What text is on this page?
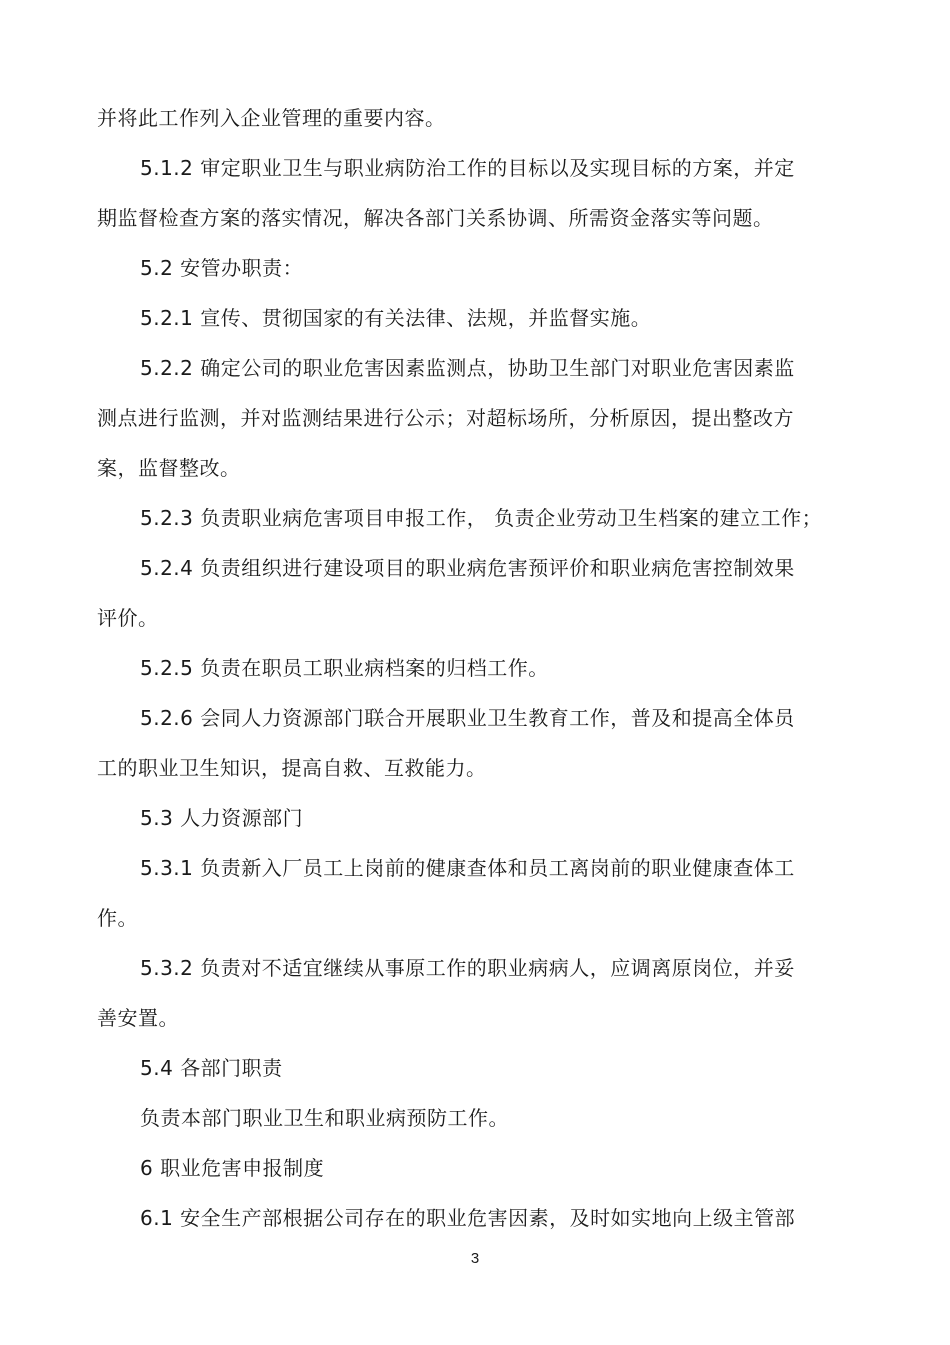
并将此工作列入企业管理的重要内容。
5.1.2 审定职业卫生与职业病防治工作的目标以及实现目标的方案，并定
期监督检查方案的落实情况，解决各部门关系协调、所需资金落实等问题。
5.2 安管办职责：
5.2.1 宣传、贯彻国家的有关法律、法规，并监督实施。
5.2.2 确定公司的职业危害因素监测点，协助卫生部门对职业危害因素监
测点进行监测，并对监测结果进行公示；对超标场所，分析原因，提出整改方
案，监督整改。
5.2.3 负责职业病危害项目申报工作， 负责企业劳动卫生档案的建立工作；
5.2.4 负责组织进行建设项目的职业病危害预评价和职业病危害控制效果
评价。
5.2.5 负责在职员工职业病档案的归档工作。
5.2.6 会同人力资源部门联合开展职业卫生教育工作，普及和提高全体员
工的职业卫生知识，提高自救、互救能力。
5.3 人力资源部门
5.3.1 负责新入厂员工上岗前的健康查体和员工离岗前的职业健康查体工
作。
5.3.2 负责对不适宜继续从事原工作的职业病病人，应调离原岗位，并妥
善安置。
5.4 各部门职责
负责本部门职业卫生和职业病预防工作。
6 职业危害申报制度
6.1 安全生产部根据公司存在的职业危害因素，及时如实地向上级主管部
3
